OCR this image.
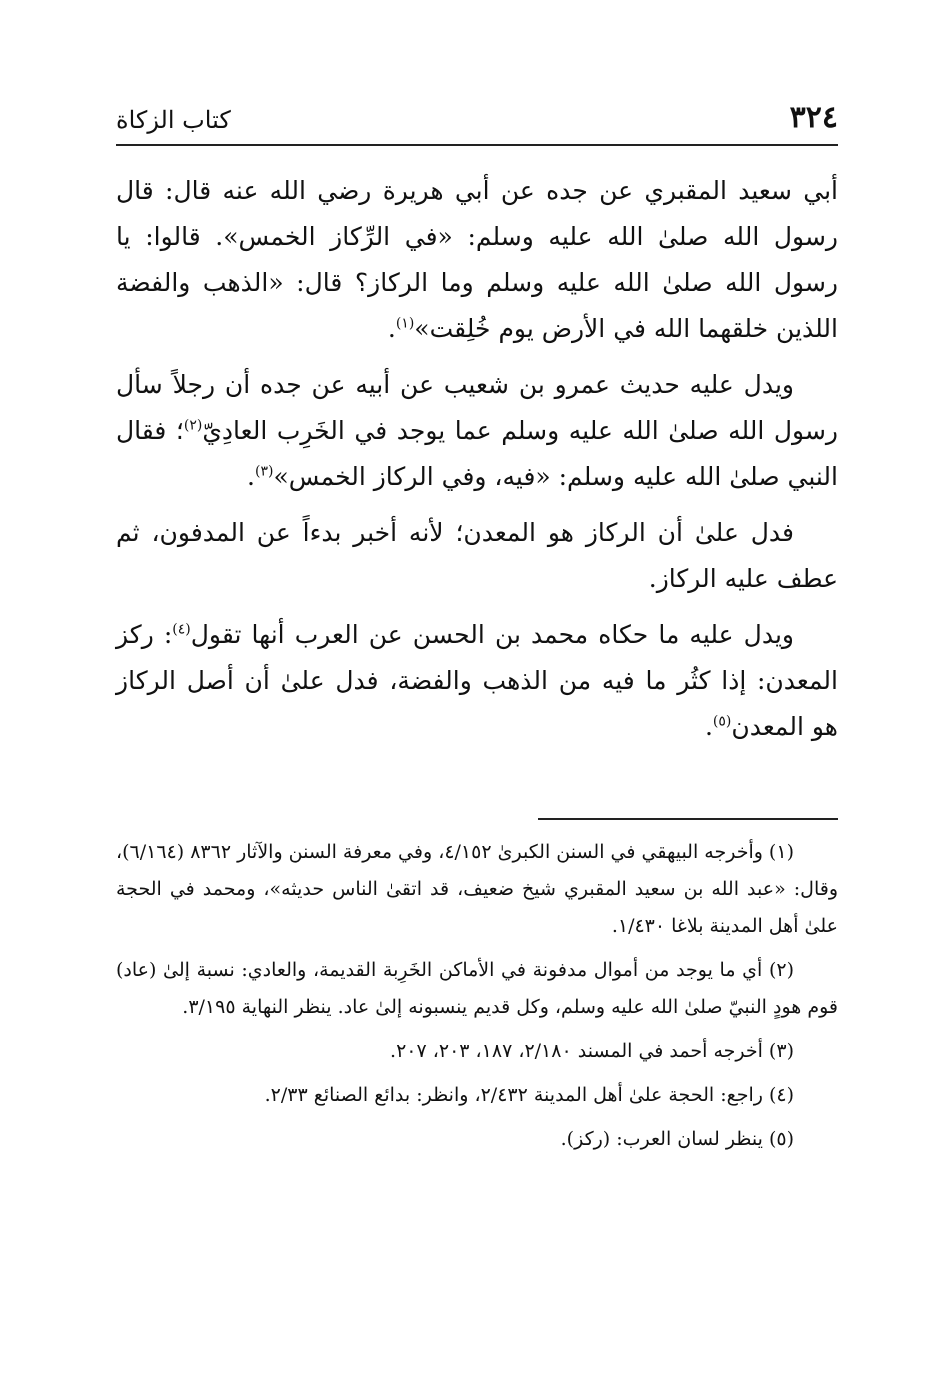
٣٢٤
كتاب الزكاة

أبي سعيد المقبري عن جده عن أبي هريرة رضي الله عنه قال: قال رسول الله صلىٰ الله عليه وسلم: «في الرِّكاز الخمس». قالوا: يا رسول الله صلىٰ الله عليه وسلم وما الركاز؟ قال: «الذهب والفضة اللذين خلقهما الله في الأرض يوم خُلِقت»$^{(١)}$.

ويدل عليه حديث عمرو بن شعيب عن أبيه عن جده أن رجلاً سأل رسول الله صلىٰ الله عليه وسلم عما يوجد في الخَرِب العادِيّ$^{(٢)}$؛ فقال النبي صلىٰ الله عليه وسلم: «فيه، وفي الركاز الخمس»$^{(٣)}$.

فدل علىٰ أن الركاز هو المعدن؛ لأنه أخبر بدءاً عن المدفون، ثم عطف عليه الركاز.

ويدل عليه ما حكاه محمد بن الحسن عن العرب أنها تقول$^{(٤)}$: ركز المعدن: إذا كثُر ما فيه من الذهب والفضة، فدل علىٰ أن أصل الركاز هو المعدن$^{(٥)}$.

(١) وأخرجه البيهقي في السنن الكبرىٰ ٤/١٥٢، وفي معرفة السنن والآثار ٨٣٦٢ (٦/١٦٤)، وقال: «عبد الله بن سعيد المقبري شيخ ضعيف، قد اتقىٰ الناس حديثه»، ومحمد في الحجة علىٰ أهل المدينة بلاغا ١/٤٣٠.

(٢) أي ما يوجد من أموال مدفونة في الأماكن الخَرِبة القديمة، والعادي: نسبة إلىٰ (عاد) قوم هودٍ النبيّ صلىٰ الله عليه وسلم، وكل قديم ينسبونه إلىٰ عاد. ينظر النهاية ٣/١٩٥.

(٣) أخرجه أحمد في المسند ٢/١٨٠، ١٨٧، ٢٠٣، ٢٠٧.

(٤) راجع: الحجة علىٰ أهل المدينة ٢/٤٣٢، وانظر: بدائع الصنائع ٢/٣٣.

(٥) ينظر لسان العرب: (ركز).
